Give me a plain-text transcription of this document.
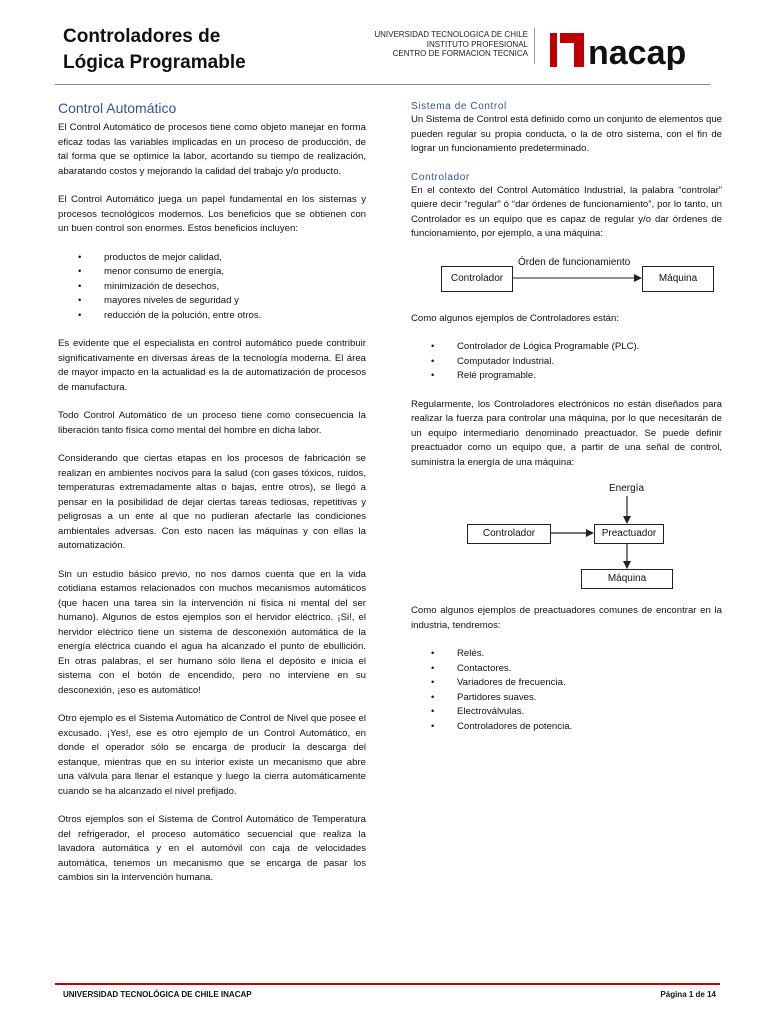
Controladores de
Lógica Programable
UNIVERSIDAD TECNOLOGICA DE CHILE
INSTITUTO PROFESIONAL
CENTRO DE FORMACION TECNICA nacap
Control Automático

El Control Automático de procesos tiene como objeto manejar en forma eficaz todas las variables implicadas en un proceso de producción, de tal forma que se optimice la labor, acortando su tiempo de realización, abaratando costos y mejorando la calidad del trabajo y/o producto.

El Control Automático juega un papel fundamental en los sistemas y procesos tecnológicos modernos. Los beneficios que se obtienen con un buen control son enormes. Estos beneficios incluyen:

• productos de mejor calidad,
• menor consumo de energía,
• minimización de desechos,
• mayores niveles de seguridad y
• reducción de la polución, entre otros.

Es evidente que el especialista en control automático puede contribuir significativamente en diversas áreas de la tecnología moderna. El área de mayor impacto en la actualidad es la de automatización de procesos de manufactura.

Todo Control Automático de un proceso tiene como consecuencia la liberación tanto física como mental del hombre en dicha labor.

Considerando que ciertas etapas en los procesos de fabricación se realizan en ambientes nocivos para la salud (con gases tóxicos, ruidos, temperaturas extremadamente altas o bajas, entre otros), se llegó a pensar en la posibilidad de dejar ciertas tareas tediosas, repetitivas y peligrosas a un ente al que no pudieran afectarle las condiciones ambientales adversas. Con esto nacen las máquinas y con ellas la automatización.

Sin un estudio básico previo, no nos damos cuenta que en la vida cotidiana estamos relacionados con muchos mecanismos automáticos (que hacen una tarea sin la intervención ni física ni mental del ser humano). Algunos de estos ejemplos son el hervidor eléctrico. ¡Si!, el hervidor eléctrico tiene un sistema de desconexión automática de la energía eléctrica cuando el agua ha alcanzado el punto de ebullición. En otras palabras, el ser humano sólo llena el depósito e inicia el sistema con el botón de encendido, pero no interviene en su desconexión, ¡eso es automático!

Otro ejemplo es el Sistema Automático de Control de Nivel que posee el excusado. ¡Yes!, ese es otro ejemplo de un Control Automático, en donde el operador sólo se encarga de producir la descarga del estanque, mientras que en su interior existe un mecanismo que abre una válvula para llenar el estanque y luego la cierra automáticamente cuando se ha alcanzado el nivel prefijado.

Otros ejemplos son el Sistema de Control Automático de Temperatura del refrigerador, el proceso automático secuencial que realiza la lavadora automática y en el automóvil con caja de velocidades automática, tenemos un mecanismo que se encarga de pasar los cambios sin la intervención humana.

Sistema de Control

Un Sistema de Control está definido como un conjunto de elementos que pueden regular su propia conducta, o la de otro sistema, con el fin de lograr un funcionamiento predeterminado.

Controlador

En el contexto del Control Automático Industrial, la palabra “controlar” quiere decir “regular” ó “dar órdenes de funcionamiento”, por lo tanto, un Controlador es un equipo que es capaz de regular y/o dar órdenes de funcionamiento, por ejemplo, a una máquina:

Controlador
Órden de funcionamiento
Máquina

Como algunos ejemplos de Controladores están:

• Controlador de Lógica Programable (PLC).
• Computador Industrial.
• Relé programable.

Regularmente, los Controladores electrónicos no están diseñados para realizar la fuerza para controlar una máquina, por lo que necesitarán de un equipo intermediario denominado preactuador. Se puede definir preactuador como un equipo que, a partir de una señal de control, suministra la energía de una máquina:

Energía
Controlador	Preactuador
Máquina

Como algunos ejemplos de preactuadores comunes de encontrar en la industria, tendremos:

• Relés.
• Contactores.
• Variadores de frecuencia.
• Partidores suaves.
• Electroválvulas.
• Controladores de potencia.
UNIVERSIDAD TECNOLÓGICA DE CHILE INACAP	Página 1 de 14
